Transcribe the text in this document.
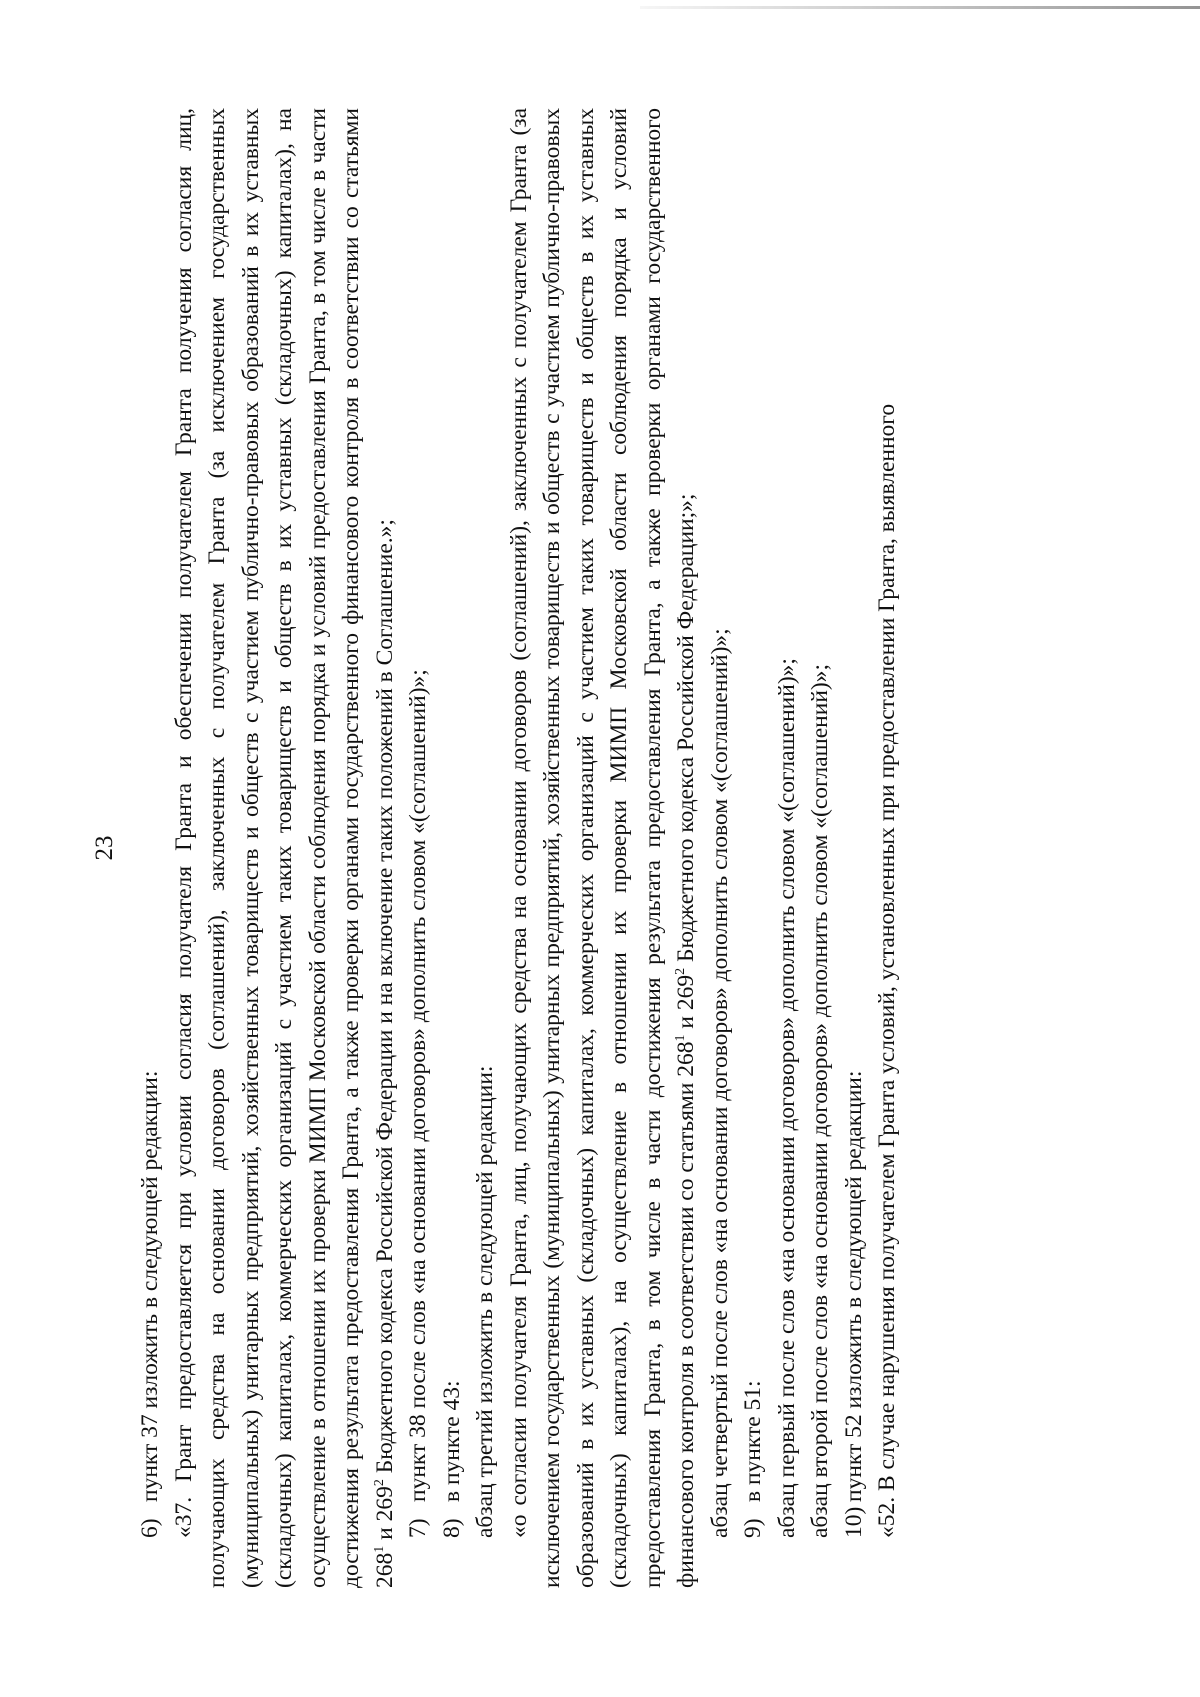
23

6)пункт 37 изложить в следующей редакции: «37. Грант предоставляется при условии согласия получателя Гранта и обеспечении получателем Гранта получения согласия лиц, получающих средства на основании договоров (соглашений), заключенных с получателем Гранта (за исключением государственных (муниципальных) унитарных предприятий, хозяйственных товариществ и обществ с участием публично-правовых образований в их уставных (складочных) капиталах, коммерческих организаций с участием таких товариществ и обществ в их уставных (складочных) капиталах), на осуществление в отношении их проверки МИМП Московской области соблюдения порядка и условий предоставления Гранта, в том числе в части достижения результата предоставления Гранта, а также проверки органами государственного финансового контроля в соответствии со статьями $268^1$ и $269^2$ Бюджетного кодекса Российской Федерации и на включение таких положений в Соглашение.»;

7)пункт 38 после слов «на основании договоров» дополнить словом «(соглашений)»;

8)в пункте 43: абзац третий изложить в следующей редакции: «о согласии получателя Гранта, лиц, получающих средства на основании договоров (соглашений), заключенных с получателем Гранта (за исключением государственных (муниципальных) унитарных предприятий, хозяйственных товариществ и обществ с участием публично-правовых образований в их уставных (складочных) капиталах, коммерческих организаций с участием таких товариществ и обществ в их уставных (складочных) капиталах), на осуществление в отношении их проверки МИМП Московской области соблюдения порядка и условий предоставления Гранта, в том числе в части достижения результата предоставления Гранта, а также проверки органами государственного финансового контроля в соответствии со статьями $268^1$ и $269^2$ Бюджетного кодекса Российской Федерации;»; абзац четвертый после слов «на основании договоров» дополнить словом «(соглашений)»; 9)в пункте 51: абзац первый после слов «на основании договоров» дополнить словом «(соглашений)»; абзац второй после слов «на основании договоров» дополнить словом «(соглашений)»; 10)пункт 52 изложить в следующей редакции: «52. В случае нарушения получателем Гранта условий, установленных при предоставлении Гранта, выявленного
